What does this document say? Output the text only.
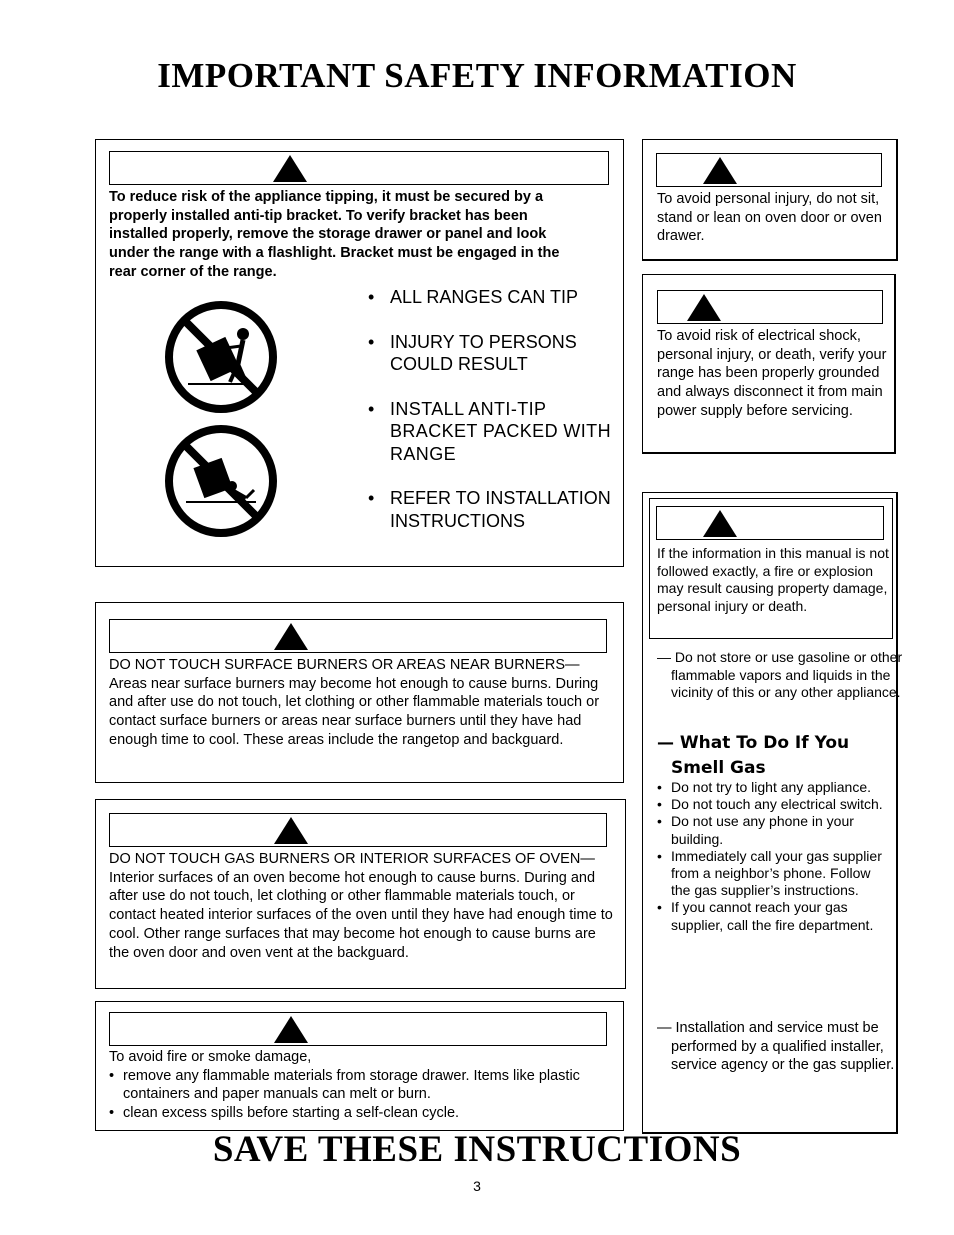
IMPORTANT SAFETY INFORMATION
To reduce risk of the appliance tipping, it must be secured by a properly installed anti-tip bracket. To verify bracket has been installed properly, remove the storage drawer or panel and look under the range with a flashlight. Bracket must be engaged in the rear corner of the range.
• ALL RANGES CAN TIP
• INJURY TO PERSONS COULD RESULT
• INSTALL ANTI-TIP BRACKET PACKED WITH RANGE
• REFER TO INSTALLATION INSTRUCTIONS
DO NOT TOUCH SURFACE BURNERS OR AREAS NEAR BURNERS—
Areas near surface burners may become hot enough to cause burns. During and after use do not touch, let clothing or other flammable materials touch or contact surface burners or areas near surface burners until they have had enough time to cool. These areas include the rangetop and backguard.
DO NOT TOUCH GAS BURNERS OR INTERIOR SURFACES OF OVEN—Interior surfaces of an oven become hot enough to cause burns. During and after use do not touch, let clothing or other flammable materials touch, or contact heated interior surfaces of the oven until they have had enough time to cool. Other range surfaces that may become hot enough to cause burns are the oven door and oven vent at the backguard.
To avoid fire or smoke damage,
• remove any flammable materials from storage drawer. Items like plastic containers and paper manuals can melt or burn.
• clean excess spills before starting a self-clean cycle.
To avoid personal injury, do not sit, stand or lean on oven door or oven drawer.
To avoid risk of electrical shock, personal injury, or death, verify your range has been properly grounded and always disconnect it from main power supply before servicing.
If the information in this manual is not followed exactly, a fire or explosion may result causing property damage, personal injury or death.
— Do not store or use gasoline or other flammable vapors and liquids in the vicinity of this or any other appliance.
— What To Do If You Smell Gas
• Do not try to light any appliance.
• Do not touch any electrical switch.
• Do not use any phone in your building.
• Immediately call your gas supplier from a neighbor’s phone. Follow the gas supplier’s instructions.
• If you cannot reach your gas supplier, call the fire department.
— Installation and service must be performed by a qualified installer, service agency or the gas supplier.
SAVE THESE INSTRUCTIONS
3
